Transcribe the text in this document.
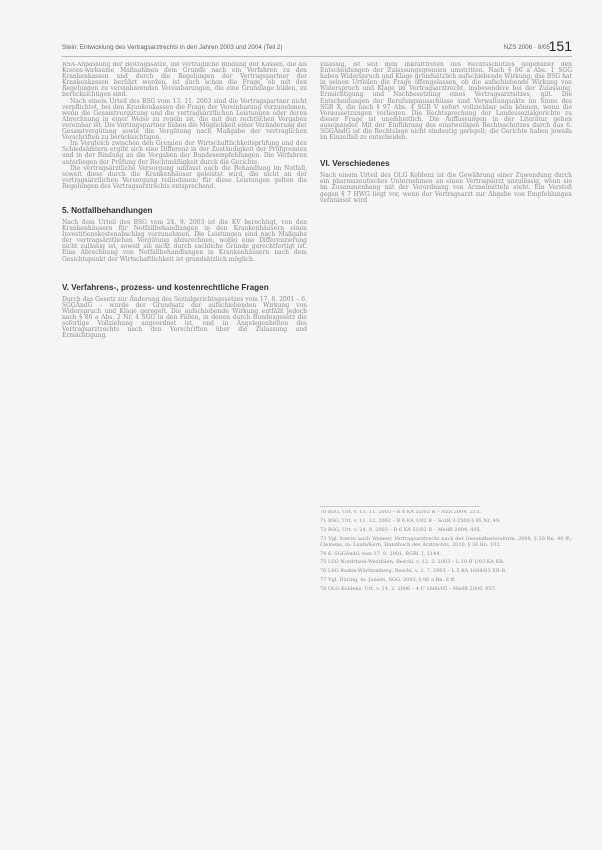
Stein: Entwicklung des Vertragsarztrechts in den Jahren 2003 und 2004 (Teil 2)	NZS 2006 · 8/05
151

RSA-Anpassung der Beitragssätze, die vertragliche Bindung der Kassen, die als Kosten-wirksame Maßnahmen dem Grunde nach ein Verfahren zu den Krankenkassen und durch die Regelungen der Vertragspartner der Krankenkassen berührt werden, ist auch schon die Frage, ob mit den Regelungen zu vereinbarenden Vereinbarungen, die eine Grundlage bilden, zu berücksichtigen sind.

Nach einem Urteil des BSG vom 13. 11. 2003 sind die Vertragspartner nicht verpflichtet, bei den Krankenkassen die Frage der Vereinbarung vorzunehmen, wenn die Gesamtvergütung und die vertragsärztlichen Leistungen oder deren Abrechnung in einer Weise zu regeln ist, die mit den rechtlichen Vorgaben vereinbar ist. Die Vertragspartner haben die Möglichkeit einer Veränderung der Gesamtvergütung sowie die Vergütung nach Maßgabe der vertraglichen Vorschriften zu berücksichtigen.

Im Vergleich zwischen den Gremien der Wirtschaftlichkeitsprüfung und den Schiedsämtern ergibt sich eine Differenz in der Zuständigkeit der Prüfgremien und in der Bindung an die Vorgaben der Bundesempfehlungen. Die Verfahren unterliegen der Prüfung der Rechtmäßigkeit durch die Gerichte.

Die vertragsärztliche Versorgung umfasst auch die Behandlung im Notfall, soweit diese durch die Krankenhäuser geleistet wird, die nicht an der vertragsärztlichen Versorgung teilnehmen; für diese Leistungen gelten die Regelungen des Vertragsarztrechts entsprechend.

5. Notfallbehandlungen

Nach dem Urteil des BSG vom 24. 9. 2003 ist die KV berechtigt, von den Krankenhäusern für Notfallbehandlungen in den Krankenhäusern einen Investitionskostenabschlag vorzunehmen. Die Leistungen sind nach Maßgabe der vertragsärztlichen Vergütung abzurechnen, wobei eine Differenzierung nicht zulässig ist, soweit sie nicht durch sachliche Gründe gerechtfertigt ist. Eine Abrechnung von Notfallbehandlungen in Krankenhäusern nach dem Gesichtspunkt der Wirtschaftlichkeit ist grundsätzlich möglich.

V. Verfahrens-, prozess- und kostenrechtliche Fragen

Durch das Gesetz zur Änderung des Sozialgerichtsgesetzes vom 17. 8. 2001 – 6. SGGÄndG – wurde der Grundsatz der aufschiebenden Wirkung von Widerspruch und Klage geregelt. Die aufschiebende Wirkung entfällt jedoch nach § 86 a Abs. 2 Nr. 4 SGG in den Fällen, in denen durch Bundesgesetz die sofortige Vollziehung angeordnet ist, und in Angelegenheiten des Vertragsarztrechts nach den Vorschriften über die Zulassung und Ermächtigung.

zulässig, ist seit dem Inkrafttreten des Rechtsschutzes gegenüber den Entscheidungen der Zulassungsgremien umstritten. Nach § 86 a Abs. 1 SGG haben Widerspruch und Klage grundsätzlich aufschiebende Wirkung; das BSG hat in seinen Urteilen die Frage offengelassen, ob die aufschiebende Wirkung von Widerspruch und Klage im Vertragsarztrecht, insbesondere bei der Zulassung, Ermächtigung und Nachbesetzung eines Vertragsarztsitzes, gilt. Die Entscheidungen der Berufungsausschüsse sind Verwaltungsakte im Sinne des SGB X, die nach § 97 Abs. 4 SGB V sofort vollziehbar sein können, wenn die Voraussetzungen vorliegen. Die Rechtsprechung der Landessozialgerichte zu dieser Frage ist uneinheitlich. Die Auffassungen in der Literatur gehen auseinander. Mit der Einführung des einstweiligen Rechtsschutzes durch das 6. SGGÄndG ist die Rechtslage nicht eindeutig geregelt; die Gerichte haben jeweils im Einzelfall zu entscheiden.

VI. Verschiedenes

Nach einem Urteil des OLG Koblenz ist die Gewährung einer Zuwendung durch ein pharmazeutisches Unternehmen an einen Vertragsarzt unzulässig, wenn sie im Zusammenhang mit der Verordnung von Arzneimitteln steht. Ein Verstoß gegen § 7 HWG liegt vor, wenn der Vertragsarzt zur Abgabe von Empfehlungen veranlasst wird.

70 BSG, Urt. v. 13. 11. 2003 – B 6 KA 55/02 R – NZS 2004, 213.

71 BSG, Urt. v. 11. 12. 2002 – B 6 KA 1/02 R – SozR 3-2500 § 85 Nr. 49.

72 BSG, Urt. v. 24. 9. 2003 – B 6 KA 51/02 R – MedR 2004, 405.

73 Vgl. hierzu auch Wenner, Vertragsarztrecht nach der Gesundheitsreform, 2008, § 20 Rn. 40 ff.; Clemens, in: Laufs/Kern, Handbuch des Arztrechts, 2010, § 36 Rn. 102.

74 6. SGGÄndG vom 17. 8. 2001, BGBl. I, 2144.

75 LSG Nordrhein-Westfalen, Beschl. v. 12. 3. 2003 – L 10 B 1/03 KA ER.

76 LSG Baden-Württemberg, Beschl. v. 2. 7. 2003 – L 5 KA 1688/03 ER-B.

77 Vgl. Düring, in: Jansen, SGG, 2003, § 86 a Rn. 8 ff.

78 OLG Koblenz, Urt. v. 14. 2. 2006 – 4 U 1680/05 – MedR 2006, 657.
